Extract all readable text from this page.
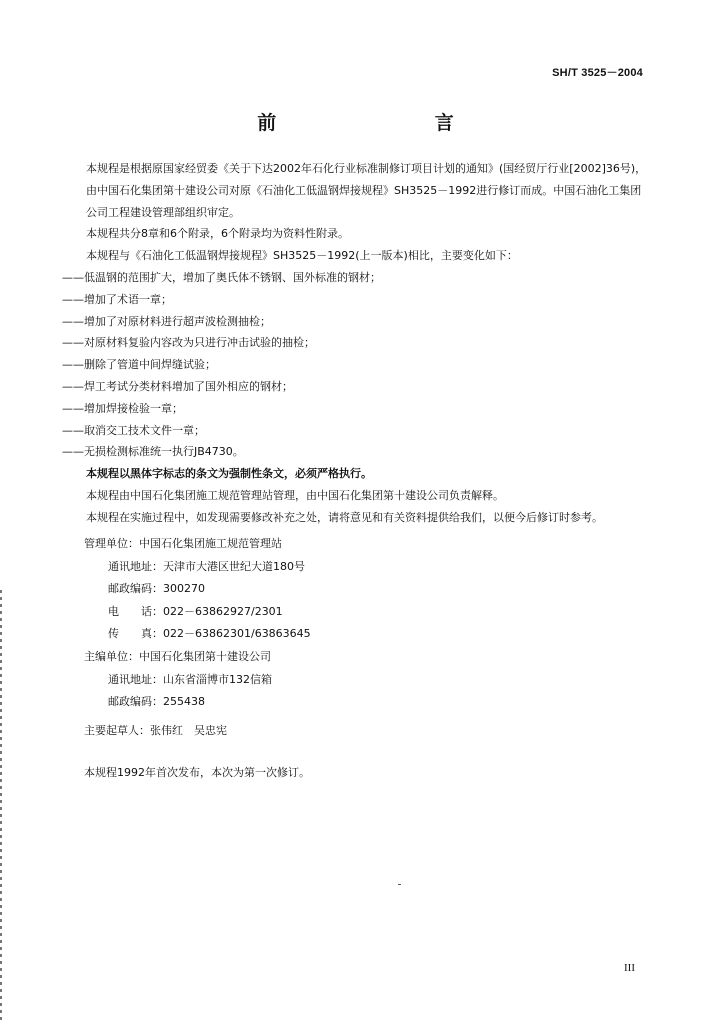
SH/T 3525－2004
前 言

本规程是根据原国家经贸委《关于下达2002年石化行业标准制修订项目计划的通知》(国经贸厅行业[2002]36号)，由中国石化集团第十建设公司对原《石油化工低温钢焊接规程》SH3525－1992进行修订而成。中国石油化工集团公司工程建设管理部组织审定。

本规程共分8章和6个附录，6个附录均为资料性附录。

本规程与《石油化工低温钢焊接规程》SH3525－1992(上一版本)相比，主要变化如下：

——低温钢的范围扩大，增加了奥氏体不锈钢、国外标准的钢材；

——增加了术语一章；

——增加了对原材料进行超声波检测抽检；

——对原材料复验内容改为只进行冲击试验的抽检；

——删除了管道中间焊缝试验；

——焊工考试分类材料增加了国外相应的钢材；

——增加焊接检验一章；

——取消交工技术文件一章；

——无损检测标准统一执行JB4730。

本规程以黑体字标志的条文为强制性条文，必须严格执行。

本规程由中国石化集团施工规范管理站管理，由中国石化集团第十建设公司负责解释。

本规程在实施过程中，如发现需要修改补充之处，请将意见和有关资料提供给我们，以便今后修订时参考。

管理单位：中国石化集团施工规范管理站

通讯地址：天津市大港区世纪大道180号

邮政编码：300270

电　　话：022－63862927/2301

传　　真：022－63862301/63863645

主编单位：中国石化集团第十建设公司

通讯地址：山东省淄博市132信箱

邮政编码：255438

主要起草人：张伟红　吴忠宪
本规程1992年首次发布，本次为第一次修订。
III
